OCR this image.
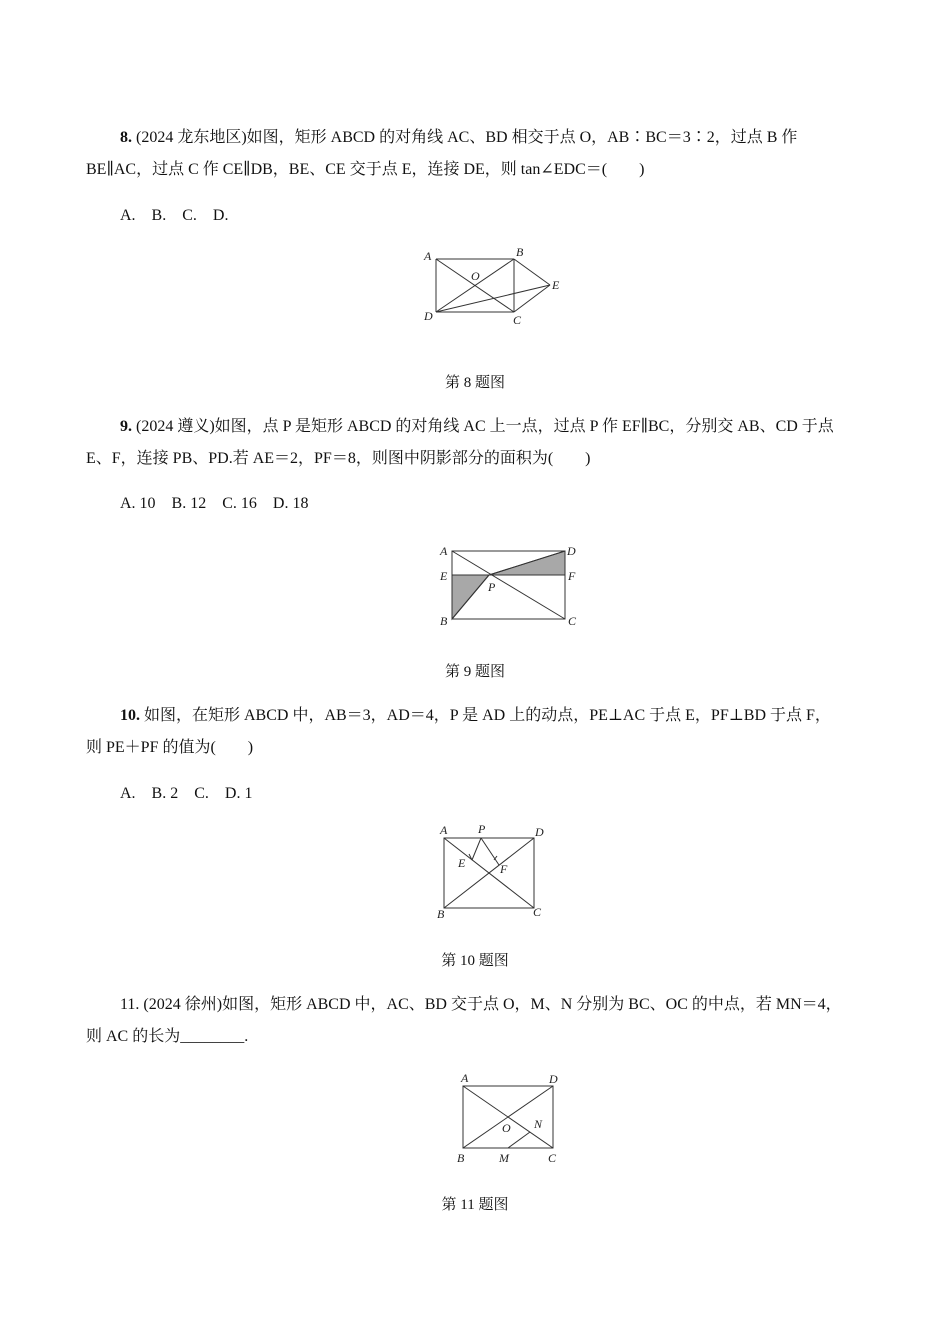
8. (2024 龙东地区)如图，矩形 ABCD 的对角线 AC、BD 相交于点 O，AB∶BC＝3∶2，过点 B 作
BE∥AC，过点 C 作 CE∥DB，BE、CE 交于点 E，连接 DE，则 tan∠EDC＝(　　)
A.　B.　C.　D.
A	B
C
D
O
E
第 8 题图
9. (2024 遵义)如图，点 P 是矩形 ABCD 的对角线 AC 上一点，过点 P 作 EF∥BC，分别交 AB、CD 于点
E、F，连接 PB、PD.若 AE＝2，PF＝8，则图中阴影部分的面积为(　　)
A. 10　B. 12　C. 16　D. 18
A
E
B
D
F
C
P
第 9 题图
10. 如图，在矩形 ABCD 中，AB＝3，AD＝4，P 是 AD 上的动点，PE⊥AC 于点 E，PF⊥BD 于点 F，
则 PE＋PF 的值为(　　)
A.　B. 2　C.　D. 1
A	P	D
E	F
B	C
第 10 题图
11. (2024 徐州)如图，矩形 ABCD 中，AC、BD 交于点 O，M、N 分别为 BC、OC 的中点，若 MN＝4，
则 AC 的长为________.
A	D
O N
B	M	C
第 11 题图
